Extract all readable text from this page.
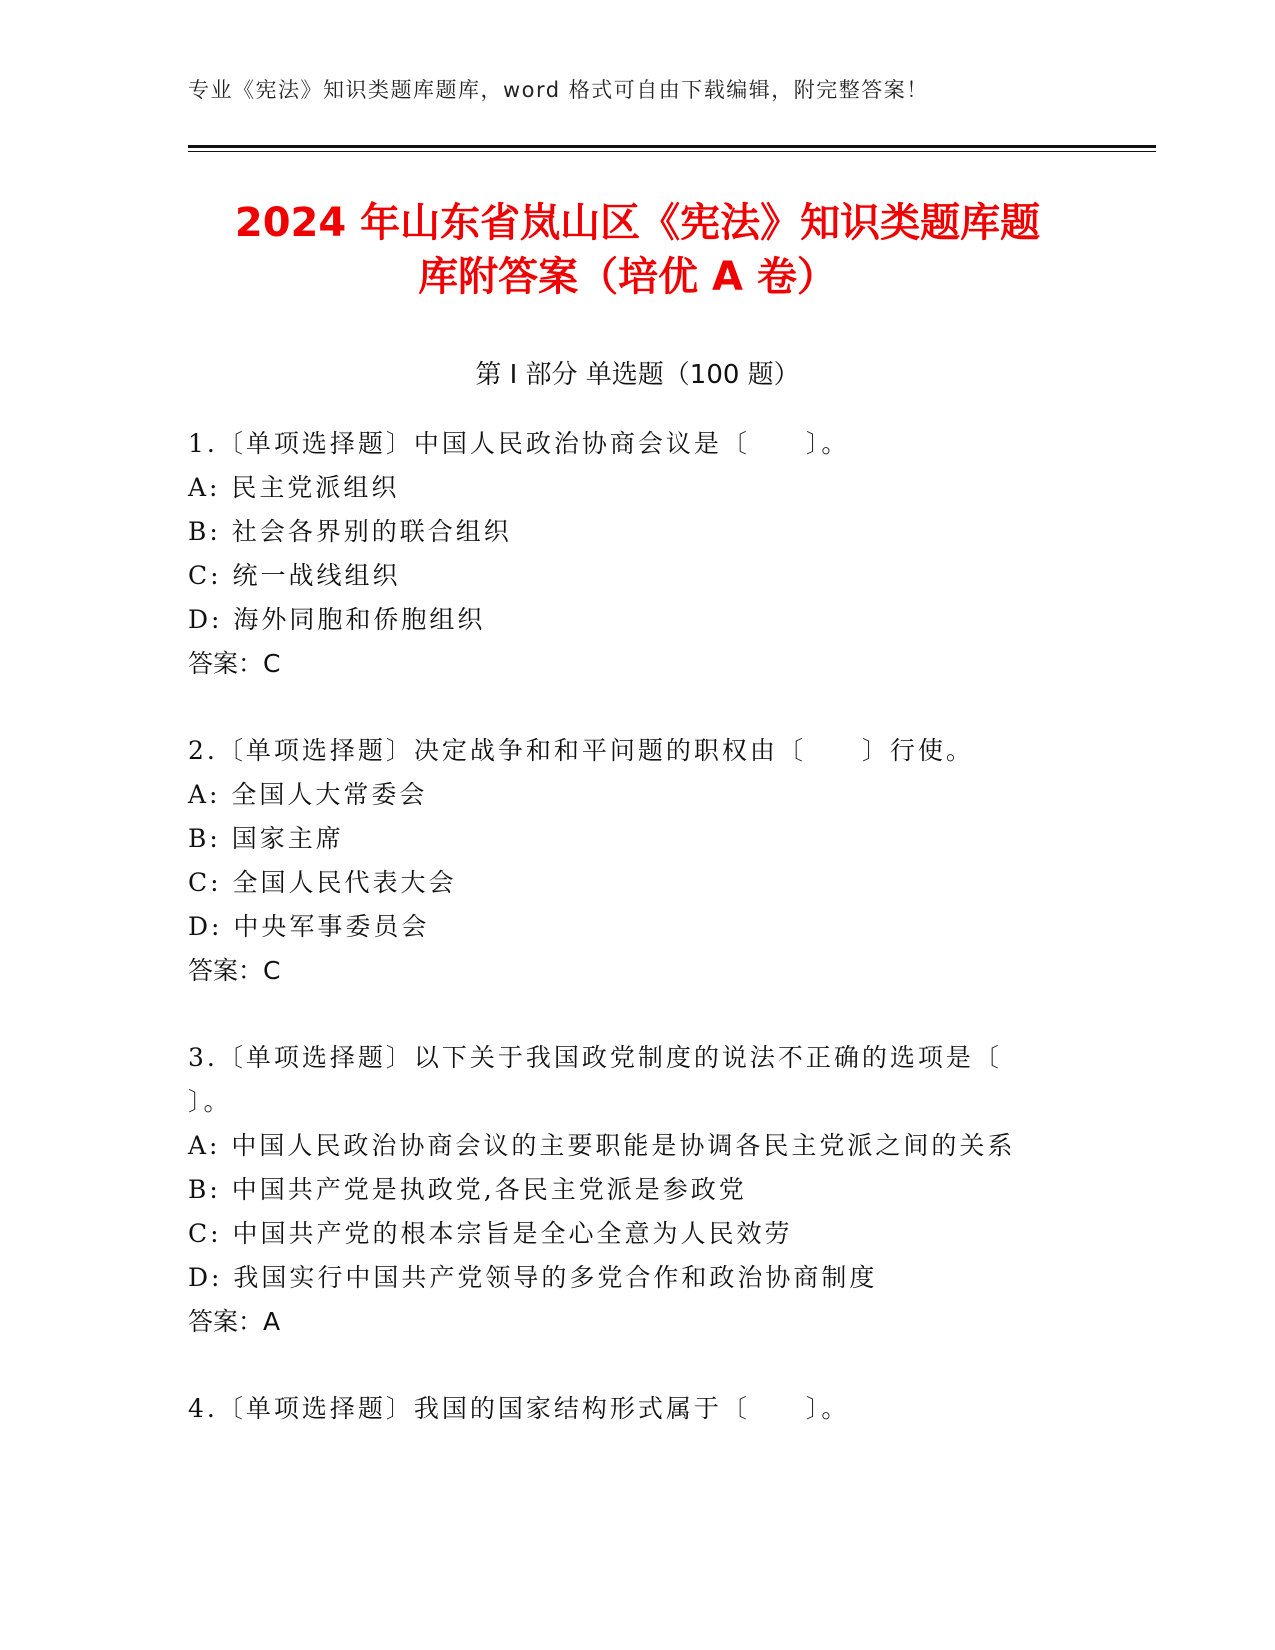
专业《宪法》知识类题库题库，word 格式可自由下载编辑，附完整答案！
2024 年山东省岚山区《宪法》知识类题库题
库附答案（培优 A 卷）
第 I 部分 单选题（100 题）
1.〔单项选择题〕中国人民政治协商会议是〔　　〕。
A: 民主党派组织
B: 社会各界别的联合组织
C: 统一战线组织
D: 海外同胞和侨胞组织
答案：C
2.〔单项选择题〕决定战争和和平问题的职权由〔　　〕行使。
A: 全国人大常委会
B: 国家主席
C: 全国人民代表大会
D: 中央军事委员会
答案：C
3.〔单项选择题〕以下关于我国政党制度的说法不正确的选项是〔
〕。
A: 中国人民政治协商会议的主要职能是协调各民主党派之间的关系
B: 中国共产党是执政党,各民主党派是参政党
C: 中国共产党的根本宗旨是全心全意为人民效劳
D: 我国实行中国共产党领导的多党合作和政治协商制度
答案：A
4.〔单项选择题〕我国的国家结构形式属于〔　　〕。
